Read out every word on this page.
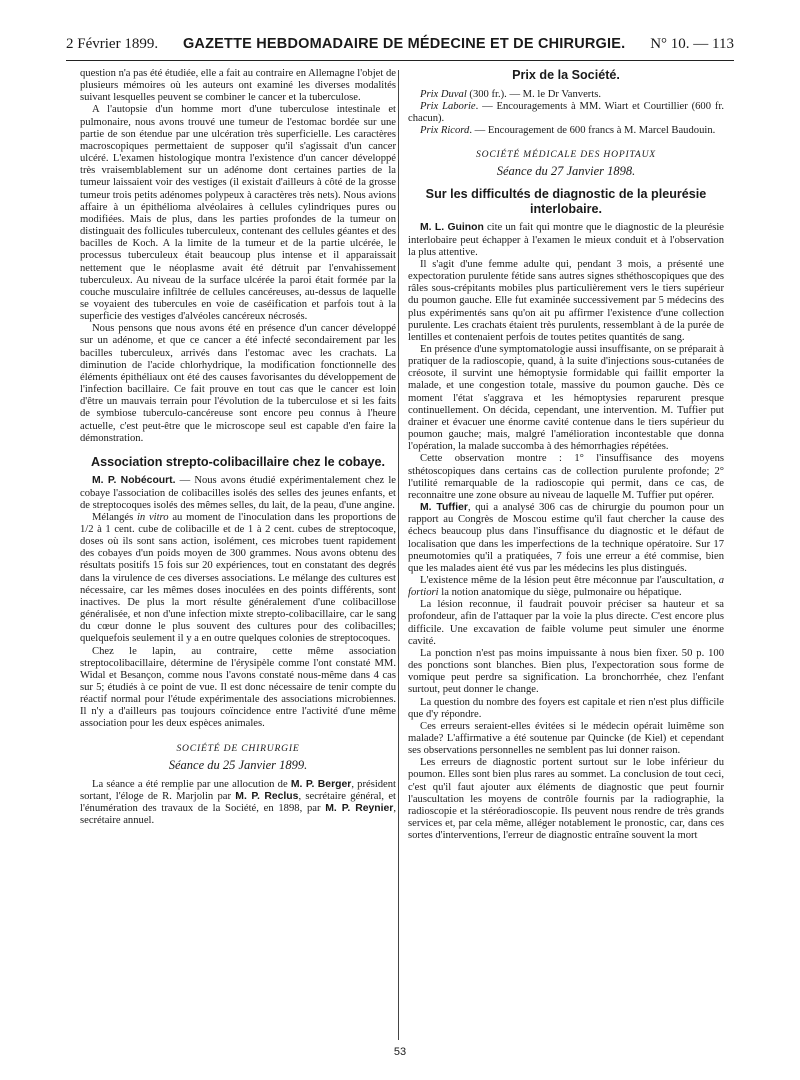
2 Février 1899. GAZETTE HEBDOMADAIRE DE MÉDECINE ET DE CHIRURGIE. N° 10. — 113

question n'a pas été étudiée, elle a fait au contraire en Allemagne l'objet de plusieurs mémoires où les auteurs ont examiné les diverses modalités suivant lesquelles peuvent se combiner le cancer et la tuberculose.

A l'autopsie d'un homme mort d'une tuberculose intestinale et pulmonaire, nous avons trouvé une tumeur de l'estomac bordée sur une partie de son étendue par une ulcération très superficielle. Les caractères macroscopiques permettaient de supposer qu'il s'agissait d'un cancer ulcéré. L'examen histologique montra l'existence d'un cancer développé très vraisemblablement sur un adénome dont certaines parties de la tumeur laissaient voir des vestiges (il existait d'ailleurs à côté de la grosse tumeur trois petits adénomes polypeux à caractères très nets). Nous avions affaire à un épithélioma alvéolaires à cellules cylindriques pures ou modifiées. Mais de plus, dans les parties profondes de la tumeur on distinguait des follicules tuberculeux, contenant des cellules géantes et des bacilles de Koch. A la limite de la tumeur et de la partie ulcérée, le processus tuberculeux était beaucoup plus intense et il apparaissait nettement que le néoplasme avait été détruit par l'envahissement tuberculeux. Au niveau de la surface ulcérée la paroi était formée par la couche musculaire infiltrée de cellules cancéreuses, au-dessus de laquelle se voyaient des tubercules en voie de caséification et parfois tout à la superficie des vestiges d'alvéoles cancéreux nécrosés.

Nous pensons que nous avons été en présence d'un cancer développé sur un adénome, et que ce cancer a été infecté secondairement par les bacilles tuberculeux, arrivés dans l'estomac avec les crachats. La diminution de l'acide chlorhydrique, la modification fonctionnelle des éléments épithéliaux ont été des causes favorisantes du développement de l'infection bacillaire. Ce fait prouve en tout cas que le cancer est loin d'être un mauvais terrain pour l'évolution de la tuberculose et si les faits de symbiose tuberculo-cancéreuse sont encore peu connus à l'heure actuelle, c'est peut-être que le microscope seul est capable d'en faire la démonstration.

Association strepto-colibacillaire chez le cobaye.

M. P. Nobécourt. — Nous avons étudié expérimentalement chez le cobaye l'association de colibacilles isolés des selles des jeunes enfants, et de streptocoques isolés des mêmes selles, du lait, de la peau, d'une angine.

Mélangés in vitro au moment de l'inoculation dans les proportions de 1/2 à 1 cent. cube de colibacille et de 1 à 2 cent. cubes de streptocoque, doses où ils sont sans action, isolément, ces microbes tuent rapidement des cobayes d'un poids moyen de 300 grammes. Nous avons obtenu des résultats positifs 15 fois sur 20 expériences, tout en constatant des degrés dans la virulence de ces diverses associations. Le mélange des cultures est nécessaire, car les mêmes doses inoculées en des points différents, sont inactives. De plus la mort résulte généralement d'une colibacillose généralisée, et non d'une infection mixte strepto-colibacillaire, car le sang du cœur donne le plus souvent des cultures pour des colibacilles; quelquefois seulement il y a en outre quelques colonies de streptocoques.

Chez le lapin, au contraire, cette même association streptocolibacillaire, détermine de l'érysipèle comme l'ont constaté MM. Widal et Besançon, comme nous l'avons constaté nous-même dans 4 cas sur 5; étudiés à ce point de vue. Il est donc nécessaire de tenir compte du réactif normal pour l'étude expérimentale des associations microbiennes. Il n'y a d'ailleurs pas toujours coïncidence entre l'activité d'une même association pour les deux espèces animales.

SOCIÉTÉ DE CHIRURGIE
Séance du 25 Janvier 1899.

La séance a été remplie par une allocution de M. P. Berger, président sortant, l'éloge de R. Marjolin par M. P. Reclus, secrétaire général, et l'énumération des travaux de la Société, en 1898, par M. P. Reynier, secrétaire annuel.

Prix de la Société.

Prix Duval (300 fr.). — M. le Dr Vanverts.

Prix Laborie. — Encouragements à MM. Wiart et Courtillier (600 fr. chacun).

Prix Ricord. — Encouragement de 600 francs à M. Marcel Baudouin.

SOCIÉTÉ MÉDICALE DES HOPITAUX
Séance du 27 Janvier 1898.
Sur les difficultés de diagnostic de la pleurésie interlobaire.

M. L. Guinon cite un fait qui montre que le diagnostic de la pleurésie interlobaire peut échapper à l'examen le mieux conduit et à l'observation la plus attentive.

Il s'agit d'une femme adulte qui, pendant 3 mois, a présenté une expectoration purulente fétide sans autres signes sthéthoscopiques que des râles sous-crépitants mobiles plus particulièrement vers le tiers supérieur du poumon gauche. Elle fut examinée successivement par 5 médecins des plus expérimentés sans qu'on ait pu affirmer l'existence d'une collection purulente. Les crachats étaient très purulents, ressemblant à de la purée de lentilles et contenaient perfois de toutes petites quantités de sang.

En présence d'une symptomatologie aussi insuffisante, on se préparait à pratiquer de la radioscopie, quand, à la suite d'injections sous-cutanées de créosote, il survint une hémoptysie formidable qui faillit emporter la malade, et une congestion totale, massive du poumon gauche. Dès ce moment l'état s'aggrava et les hémoptysies reparurent presque continuellement. On décida, cependant, une intervention. M. Tuffier put drainer et évacuer une énorme cavité contenue dans le tiers supérieur du poumon gauche; mais, malgré l'amélioration incontestable que donna l'opération, la malade succomba à des hémorrhagies répétées.

Cette observation montre : 1° l'insuffisance des moyens sthétoscopiques dans certains cas de collection purulente profonde; 2° l'utilité remarquable de la radioscopie qui permit, dans ce cas, de reconnaitre une zone obsure au niveau de laquelle M. Tuffier put opérer.

M. Tuffier, qui a analysé 306 cas de chirurgie du poumon pour un rapport au Congrès de Moscou estime qu'il faut chercher la cause des échecs beaucoup plus dans l'insuffisance du diagnostic et le défaut de localisation que dans les imperfections de la technique opératoire. Sur 17 pneumotomies qu'il a pratiquées, 7 fois une erreur a été commise, bien que les malades aient été vus par les médecins les plus distingués.

L'existence même de la lésion peut être méconnue par l'auscultation, a fortiori la notion anatomique du siège, pulmonaire ou hépatique.

La lésion reconnue, il faudrait pouvoir préciser sa hauteur et sa profondeur, afin de l'attaquer par la voie la plus directe. C'est encore plus difficile. Une excavation de faible volume peut simuler une énorme cavité.

La ponction n'est pas moins impuissante à nous bien fixer. 50 p. 100 des ponctions sont blanches. Bien plus, l'expectoration sous forme de vomique peut perdre sa signification. La bronchorrhée, chez l'enfant surtout, peut donner le change.

La question du nombre des foyers est capitale et rien n'est plus difficile que d'y répondre.

Ces erreurs seraient-elles évitées si le médecin opérait luimême son malade? L'affirmative a été soutenue par Quincke (de Kiel) et cependant ses observations personnelles ne semblent pas lui donner raison.

Les erreurs de diagnostic portent surtout sur le lobe inférieur du poumon. Elles sont bien plus rares au sommet. La conclusion de tout ceci, c'est qu'il faut ajouter aux éléments de diagnostic que peut fournir l'auscultation les moyens de contrôle fournis par la radiographie, la radioscopie et la stéréoradioscopie. Ils peuvent nous rendre de très grands services et, par cela même, alléger notablement le pronostic, car, dans ces sortes d'interventions, l'erreur de diagnostic entraîne souvent la mort

53
